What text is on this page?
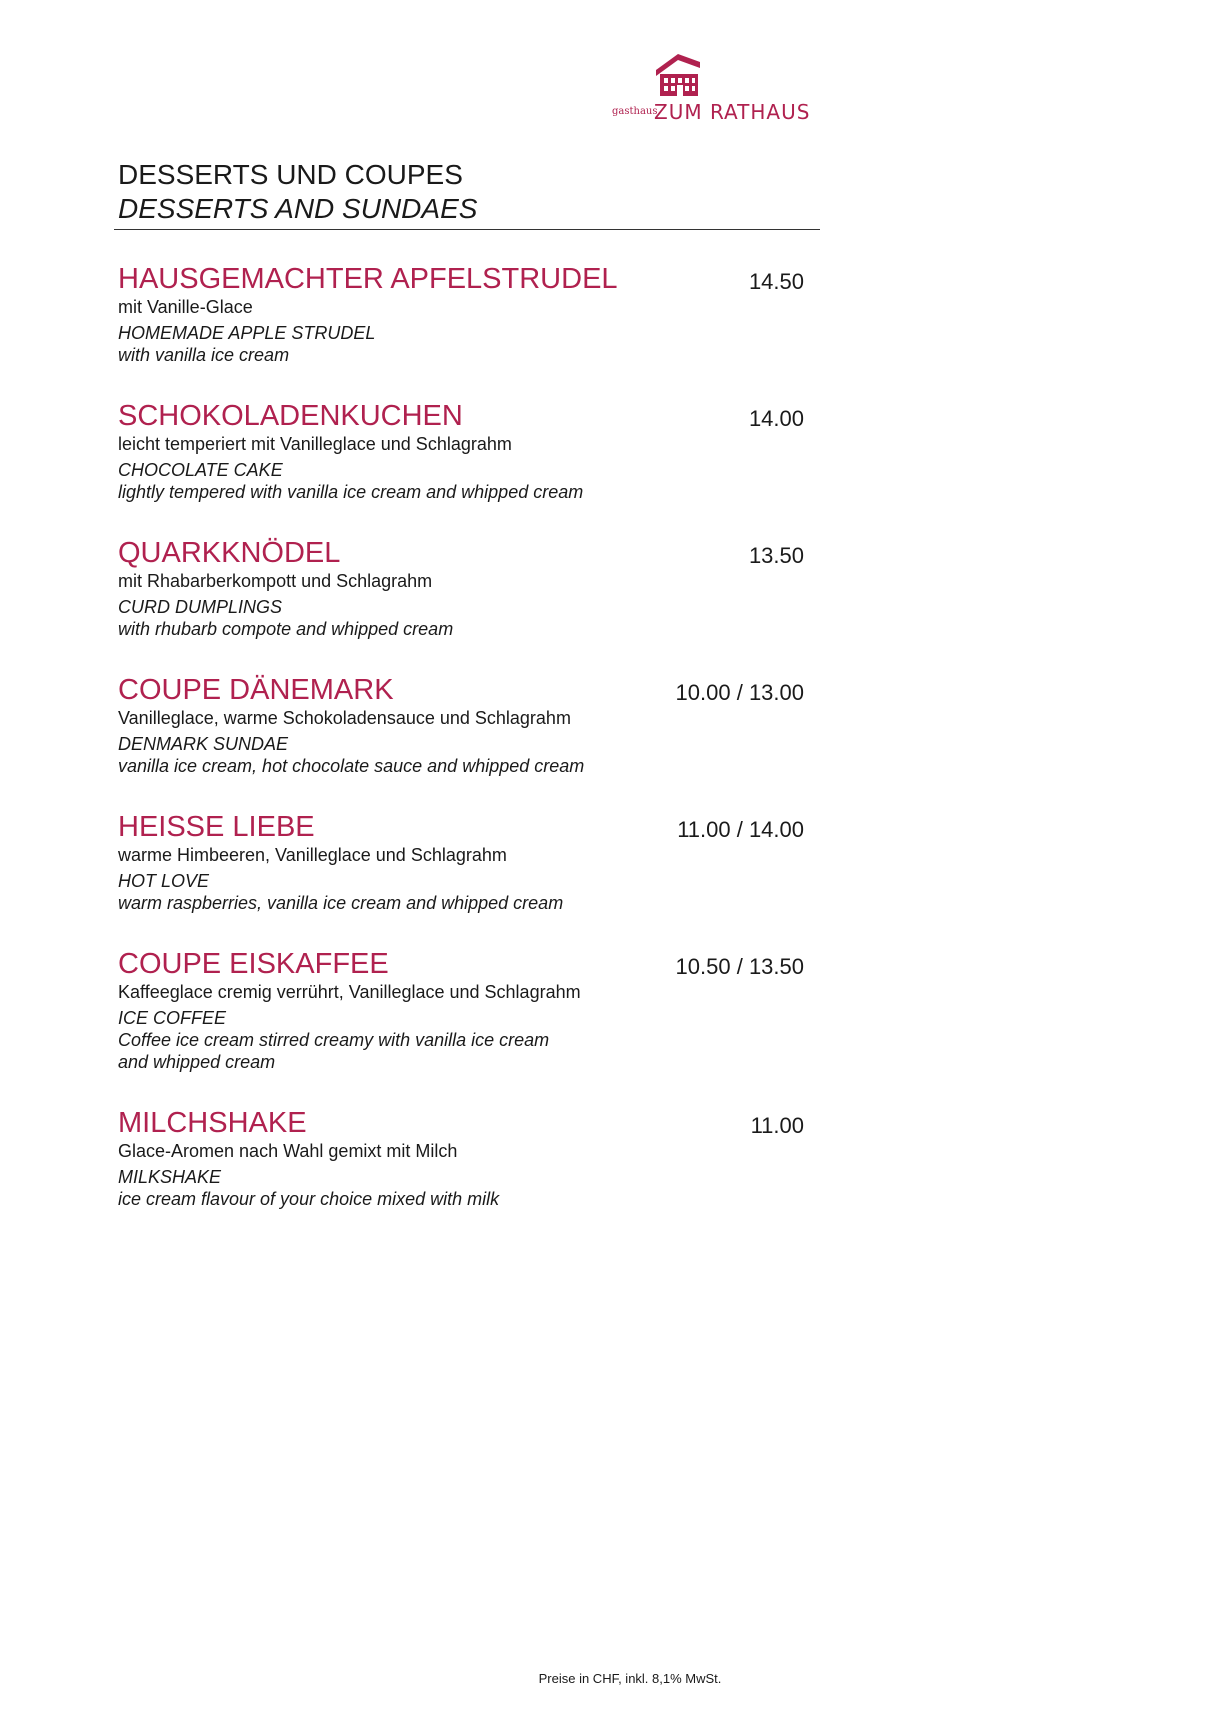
gasthaus
ZUM RATHAUS
DESSERTS UND COUPES
DESSERTS AND SUNDAES
HAUSGEMACHTER APFELSTRUDEL	14.50
mit Vanille-Glace
HOMEMADE APPLE STRUDEL
with vanilla ice cream
SCHOKOLADENKUCHEN	14.00
leicht temperiert mit Vanilleglace und Schlagrahm
CHOCOLATE CAKE
lightly tempered with vanilla ice cream and whipped cream
QUARKKNÖDEL	13.50
mit Rhabarberkompott und Schlagrahm
CURD DUMPLINGS
with rhubarb compote and whipped cream
COUPE DÄNEMARK	10.00 / 13.00
Vanilleglace, warme Schokoladensauce und Schlagrahm
DENMARK SUNDAE
vanilla ice cream, hot chocolate sauce and whipped cream
HEISSE LIEBE	11.00 / 14.00
warme Himbeeren, Vanilleglace und Schlagrahm
HOT LOVE
warm raspberries, vanilla ice cream and whipped cream
COUPE EISKAFFEE	10.50 / 13.50
Kaffeeglace cremig verrührt, Vanilleglace und Schlagrahm
ICE COFFEE
Coffee ice cream stirred creamy with vanilla ice cream
and whipped cream
MILCHSHAKE	11.00
Glace-Aromen nach Wahl gemixt mit Milch
MILKSHAKE
ice cream flavour of your choice mixed with milk
Preise in CHF, inkl. 8,1% MwSt.
